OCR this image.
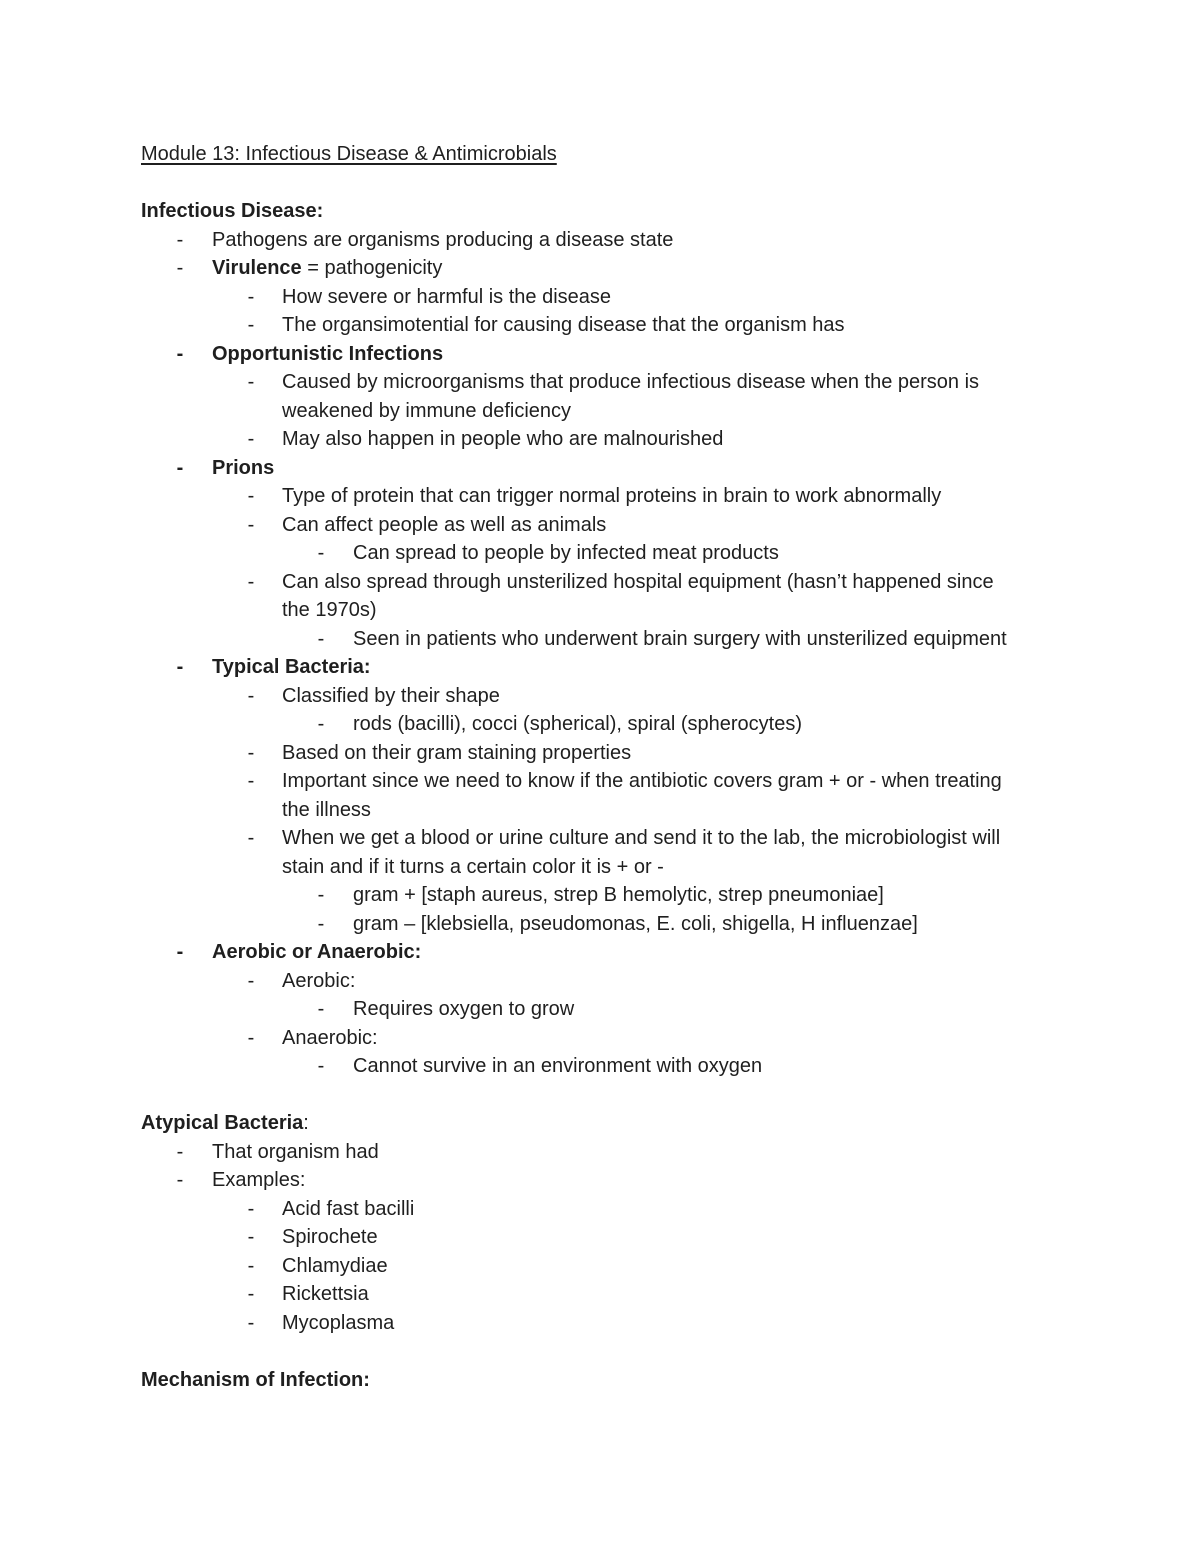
Module 13: Infectious Disease & Antimicrobials
Infectious Disease:
- Pathogens are organisms producing a disease state
- Virulence = pathogenicity
- How severe or harmful is the disease
- The organsimotential for causing disease that the organism has
- Opportunistic Infections
- Caused by microorganisms that produce infectious disease when the person is
weakened by immune deficiency
- May also happen in people who are malnourished
- Prions
- Type of protein that can trigger normal proteins in brain to work abnormally
- Can affect people as well as animals
- Can spread to people by infected meat products
- Can also spread through unsterilized hospital equipment (hasn’t happened since
the 1970s)
- Seen in patients who underwent brain surgery with unsterilized equipment
- Typical Bacteria:
- Classified by their shape
- rods (bacilli), cocci (spherical), spiral (spherocytes)
- Based on their gram staining properties
- Important since we need to know if the antibiotic covers gram + or - when treating
the illness
- When we get a blood or urine culture and send it to the lab, the microbiologist will
stain and if it turns a certain color it is + or -
- gram + [staph aureus, strep B hemolytic, strep pneumoniae]
- gram – [klebsiella, pseudomonas, E. coli, shigella, H influenzae]
- Aerobic or Anaerobic:
- Aerobic:
- Requires oxygen to grow
- Anaerobic:
- Cannot survive in an environment with oxygen
Atypical Bacteria:
- That organism had
- Examples:
- Acid fast bacilli
- Spirochete
- Chlamydiae
- Rickettsia
- Mycoplasma
Mechanism of Infection:
